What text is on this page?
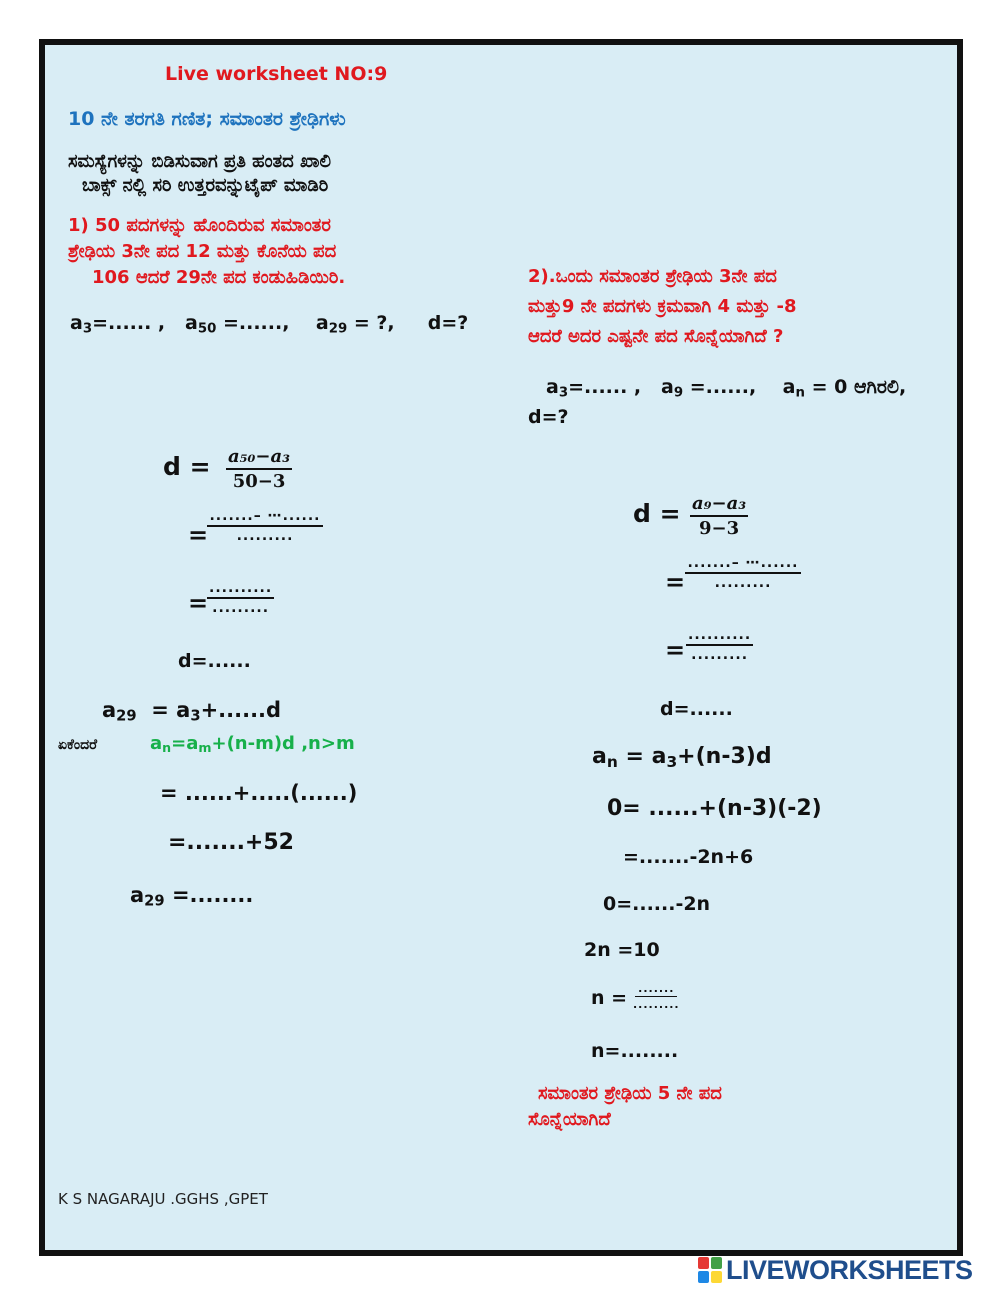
Live worksheet NO:9
10 ನೇ ತರಗತಿ ಗಣಿತ; ಸಮಾಂತರ ಶ್ರೇಢಿಗಳು
ಸಮಸ್ಯೆಗಳನ್ನು ಬಿಡಿಸುವಾಗ ಪ್ರತಿ ಹಂತದ ಖಾಲಿ
ಬಾಕ್ಸ್ ನಲ್ಲಿ ಸರಿ ಉತ್ತರವನ್ನುಟೈಪ್ ಮಾಡಿರಿ
1) 50 ಪದಗಳನ್ನು ಹೊಂದಿರುವ ಸಮಾಂತರ
ಶ್ರೇಢಿಯ 3ನೇ ಪದ 12 ಮತ್ತು ಕೊನೆಯ ಪದ
106 ಆದರೆ 29ನೇ ಪದ ಕಂಡುಹಿಡಿಯಿರಿ.
$a_3=$...... , $a_{50}$ =......, $a_{29}$ = ?, d=?
$d = \frac{\text{a₅₀−a₃}}{50-3}$
=
.......– ⋯......
.........
=
..........
.........
d=......
$a_{29} = a_3+......d$
ಏಕೆಂದರೆ	$a_n=a_m+(n-m)d$ ,n>m
= ......+.....(......)
=.......+52
$a_{29}$ =........
2).ಒಂದು ಸಮಾಂತರ ಶ್ರೇಢಿಯ 3ನೇ ಪದ
ಮತ್ತು9 ನೇ ಪದಗಳು ಕ್ರಮವಾಗಿ 4 ಮತ್ತು -8
ಆದರೆ ಅದರ ಎಷ್ಟನೇ ಪದ ಸೊನ್ನೆಯಾಗಿದೆ ?
$a_3=$...... , $a_9$ =......, $a_n = 0$ ಆಗಿರಲಿ,
d=?
$d = \frac{\text{a₉−a₃}}{9-3}$
=
.......– ⋯......
.........
=
..........
.........
d=......
$a_n = a_3+(n-3)d$
0= ......+(n-3)(-2)
=.......-2n+6
0=......-2n
2n =10
n = .......
.........
n=........
ಸಮಾಂತರ ಶ್ರೇಢಿಯ 5 ನೇ ಪದ
ಸೊನ್ನೆಯಾಗಿದೆ
K S NAGARAJU .GGHS ,GPET
LIVEWORKSHEETS
